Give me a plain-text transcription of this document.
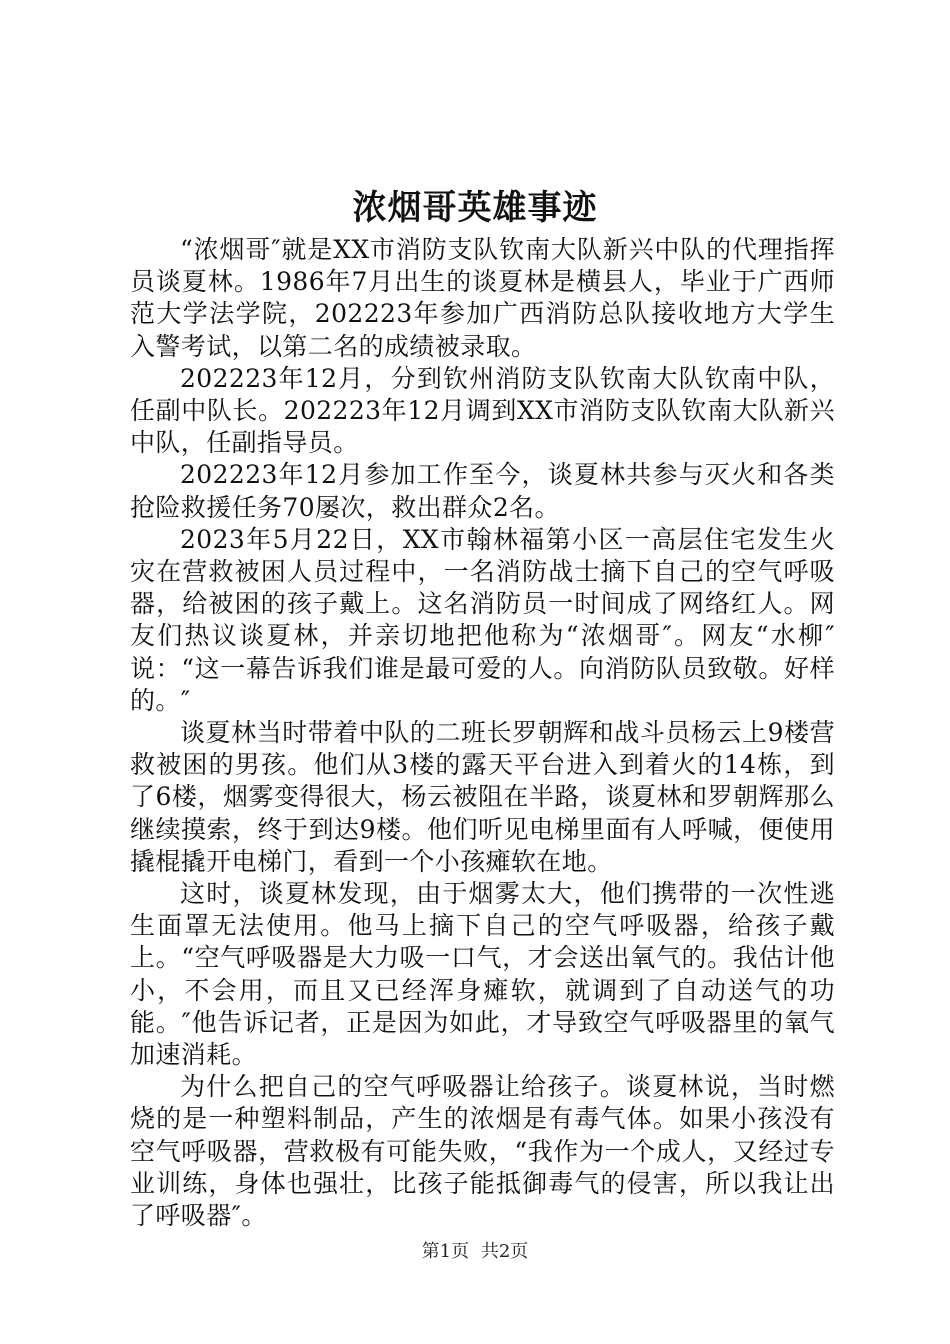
浓烟哥英雄事迹

“浓烟哥″就是XX市消防支队钦南大队新兴中队的代理指挥员谈夏林。1986年7月出生的谈夏林是横县人，毕业于广西师范大学法学院，202223年参加广西消防总队接收地方大学生入警考试，以第二名的成绩被录取。

202223年12月，分到钦州消防支队钦南大队钦南中队，任副中队长。202223年12月调到XX市消防支队钦南大队新兴中队，任副指导员。

202223年12月参加工作至今，谈夏林共参与灭火和各类抢险救援任务70屡次，救出群众2名。

2023年5月22日，XX市翰林福第小区一高层住宅发生火灾在营救被困人员过程中，一名消防战士摘下自己的空气呼吸器，给被困的孩子戴上。这名消防员一时间成了网络红人。网友们热议谈夏林，并亲切地把他称为“浓烟哥″。网友“水柳″说：“这一幕告诉我们谁是最可爱的人。向消防队员致敬。好样的。″

谈夏林当时带着中队的二班长罗朝辉和战斗员杨云上9楼营救被困的男孩。他们从3楼的露天平台进入到着火的14栋，到了6楼，烟雾变得很大，杨云被阻在半路，谈夏林和罗朝辉那么继续摸索，终于到达9楼。他们听见电梯里面有人呼喊，便使用撬棍撬开电梯门，看到一个小孩瘫软在地。

这时，谈夏林发现，由于烟雾太大，他们携带的一次性逃生面罩无法使用。他马上摘下自己的空气呼吸器，给孩子戴上。“空气呼吸器是大力吸一口气，才会送出氧气的。我估计他小，不会用，而且又已经浑身瘫软，就调到了自动送气的功能。″他告诉记者，正是因为如此，才导致空气呼吸器里的氧气加速消耗。

为什么把自己的空气呼吸器让给孩子。谈夏林说，当时燃烧的是一种塑料制品，产生的浓烟是有毒气体。如果小孩没有空气呼吸器，营救极有可能失败，“我作为一个成人，又经过专业训练，身体也强壮，比孩子能抵御毒气的侵害，所以我让出了呼吸器″。

第1页 共2页
